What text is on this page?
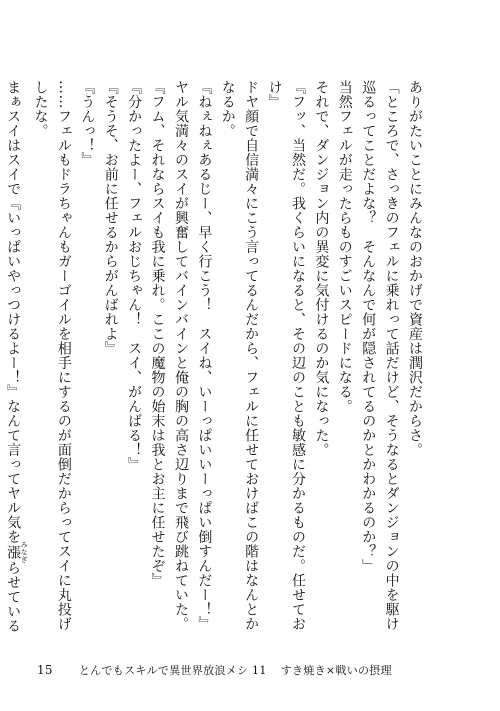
ありがたいことにみんなのおかげで資産は潤沢だからさ。

「ところで、さっきのフェルに乗れって話だけど、そうなるとダンジョンの中を駆け巡るってことだよな？　そんなんで何が隠されてるのかとかわかるのか？」

当然フェルが走ったらものすごいスピードになる。

それで、ダンジョン内の異変に気付けるのか気になった。

『フッ、当然だ。我くらいになると、その辺のことも敏感に分かるものだ。任せておけ』

ドヤ顔で自信満々にこう言ってるんだから、フェルに任せておけばこの階はなんとかなるか。

『ねぇねぇあるじー、早く行こう！　スイね、いーっぱいいーっぱい倒すんだー！』

ヤル気満々のスイが興奮してバインバインと俺の胸の高さ辺りまで飛び跳ねていた。

『フム、それならスイも我に乗れ。ここの魔物の始末は我とお主に任せたぞ』

『分かったよー、フェルおじちゃん！　スイ、がんばる！』

『そうそ、お前に任せるからがんばれよ』

『うんっ！』

……フェルもドラちゃんもガーゴイルを相手にするのが面倒だからってスイに丸投げしたな。

まぁスイはスイで『いっぱいやっつけるよー！』なんて言ってヤル気を漲 みなぎらせている

15 とんでもスキルで異世界放浪メシ 11 すき焼き×戦いの摂理
